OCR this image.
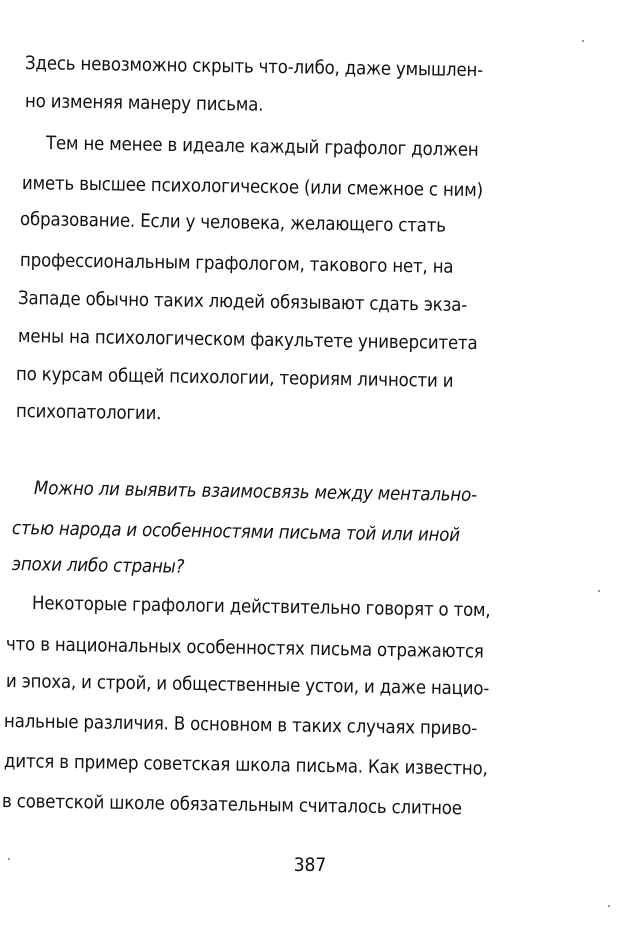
Здесь невозможно скрыть что-либо, даже умышлен-
но изменяя манеру письма.
Тем не менее в идеале каждый графолог должен
иметь высшее психологическое (или смежное с ним)
образование. Если у человека, желающего стать
профессиональным графологом, такового нет, на
Западе обычно таких людей обязывают сдать экза-
мены на психологическом факультете университета
по курсам общей психологии, теориям личности и
психопатологии.
Можно ли выявить взаимосвязь между ментально-
стью народа и особенностями письма той или иной
эпохи либо страны?
Некоторые графологи действительно говорят о том,
что в национальных особенностях письма отражаются
и эпоха, и строй, и общественные устои, и даже нацио-
нальные различия. В основном в таких случаях приво-
дится в пример советская школа письма. Как известно,
в советской школе обязательным считалось слитное
387
